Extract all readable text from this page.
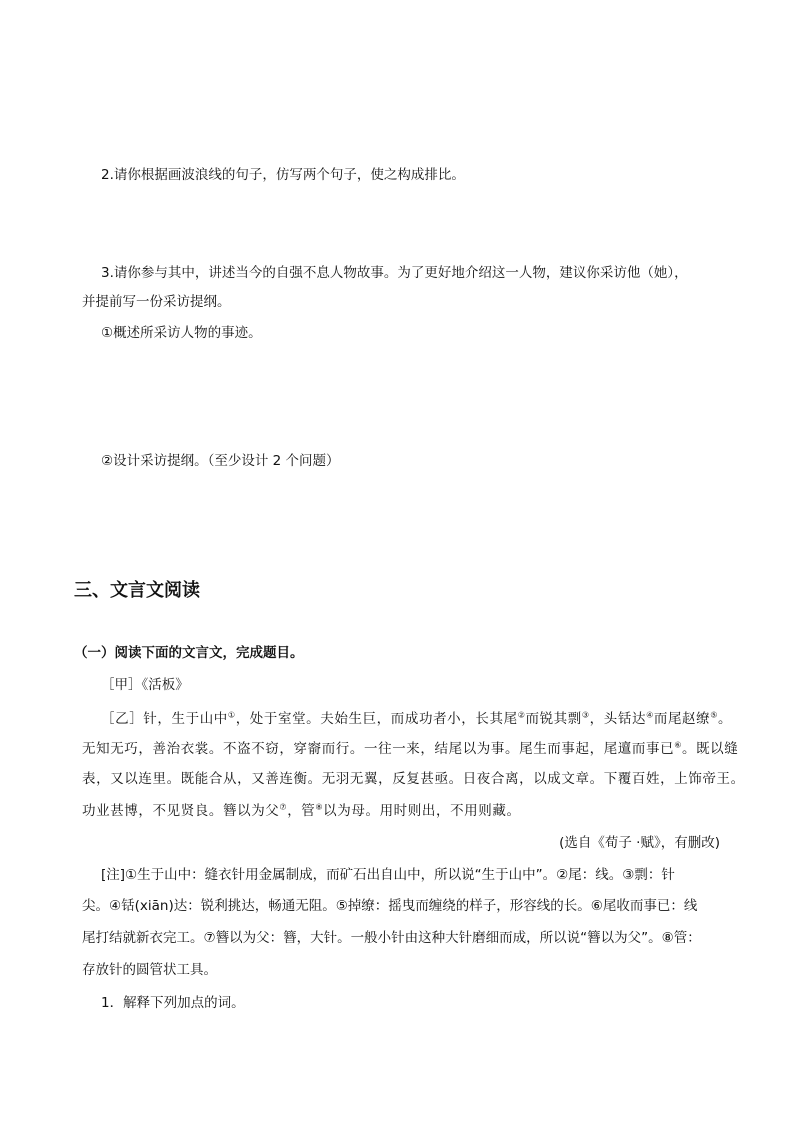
2.请你根据画波浪线的句子，仿写两个句子，使之构成排比。
3.请你参与其中，讲述当今的自强不息人物故事。为了更好地介绍这一人物，建议你采访他（她），
并提前写一份采访提纲。
①概述所采访人物的事迹。
②设计采访提纲。（至少设计 2 个问题）
三、文言文阅读
（一）阅读下面的文言文，完成题目。
［甲］《活板》
［乙］针，生于山中①，处于室堂。夫始生巨，而成功者小，长其尾②而锐其剽③，头铦达④而尾赵缭⑤。
无知无巧，善治衣裳。不盗不窃，穿窬而行。一往一来，结尾以为事。尾生而事起，尾邅而事已⑥。既以缝
表，又以连里。既能合从，又善连衡。无羽无翼，反复甚亟。日夜合离，以成文章。下覆百姓，上饰帝王。
功业甚博，不见贤良。簪以为父⑦，管⑧以为母。用时则出，不用则藏。
(选自《荀子 ·赋》，有删改)
[注]①生于山中：缝衣针用金属制成，而矿石出自山中，所以说“生于山中”。②尾：线。③剽：针
尖。④铦(xiān)达：锐利挑达，畅通无阻。⑤掉缭：摇曳而缠绕的样子，形容线的长。⑥尾收而事已：线
尾打结就新衣完工。⑦簪以为父：簪，大针。一般小针由这种大针磨细而成，所以说“簪以为父”。⑧管：
存放针的圆管状工具。
1．解释下列加点的词。
